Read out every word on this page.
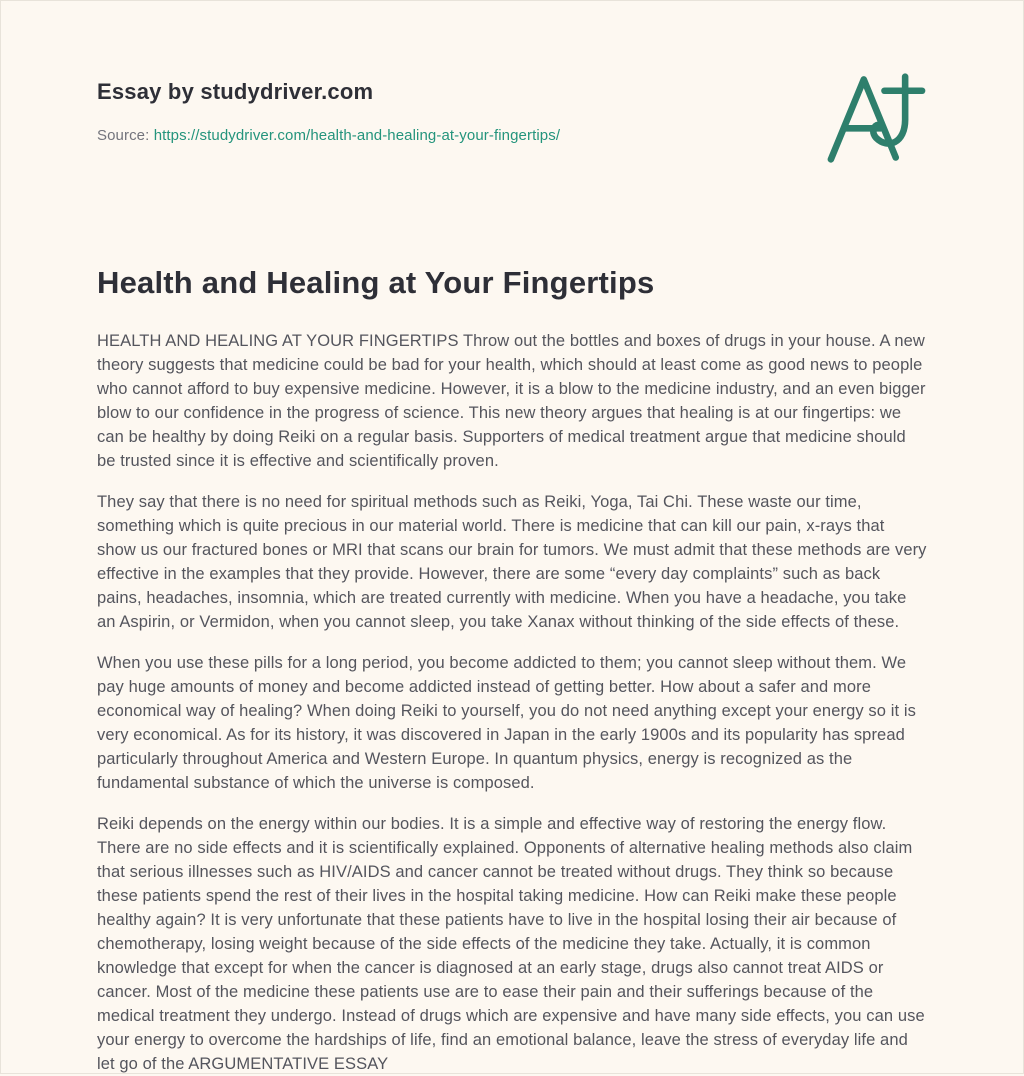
Essay by studydriver.com
Source: https://studydriver.com/health-and-healing-at-your-fingertips/
Health and Healing at Your Fingertips

HEALTH AND HEALING AT YOUR FINGERTIPS Throw out the bottles and boxes of drugs in your house. A new theory suggests that medicine could be bad for your health, which should at least come as good news to people who cannot afford to buy expensive medicine. However, it is a blow to the medicine industry, and an even bigger blow to our confidence in the progress of science. This new theory argues that healing is at our fingertips: we can be healthy by doing Reiki on a regular basis. Supporters of medical treatment argue that medicine should be trusted since it is effective and scientifically proven.

They say that there is no need for spiritual methods such as Reiki, Yoga, Tai Chi. These waste our time, something which is quite precious in our material world. There is medicine that can kill our pain, x-rays that show us our fractured bones or MRI that scans our brain for tumors. We must admit that these methods are very effective in the examples that they provide. However, there are some “every day complaints” such as back pains, headaches, insomnia, which are treated currently with medicine. When you have a headache, you take an Aspirin, or Vermidon, when you cannot sleep, you take Xanax without thinking of the side effects of these.

When you use these pills for a long period, you become addicted to them; you cannot sleep without them. We pay huge amounts of money and become addicted instead of getting better. How about a safer and more economical way of healing? When doing Reiki to yourself, you do not need anything except your energy so it is very economical. As for its history, it was discovered in Japan in the early 1900s and its popularity has spread particularly throughout America and Western Europe. In quantum physics, energy is recognized as the fundamental substance of which the universe is composed.

Reiki depends on the energy within our bodies. It is a simple and effective way of restoring the energy flow. There are no side effects and it is scientifically explained. Opponents of alternative healing methods also claim that serious illnesses such as HIV/AIDS and cancer cannot be treated without drugs. They think so because these patients spend the rest of their lives in the hospital taking medicine. How can Reiki make these people healthy again? It is very unfortunate that these patients have to live in the hospital losing their air because of chemotherapy, losing weight because of the side effects of the medicine they take. Actually, it is common knowledge that except for when the cancer is diagnosed at an early stage, drugs also cannot treat AIDS or cancer. Most of the medicine these patients use are to ease their pain and their sufferings because of the medical treatment they undergo. Instead of drugs which are expensive and have many side effects, you can use your energy to overcome the hardships of life, find an emotional balance, leave the stress of everyday life and let go of the ARGUMENTATIVE ESSAY
